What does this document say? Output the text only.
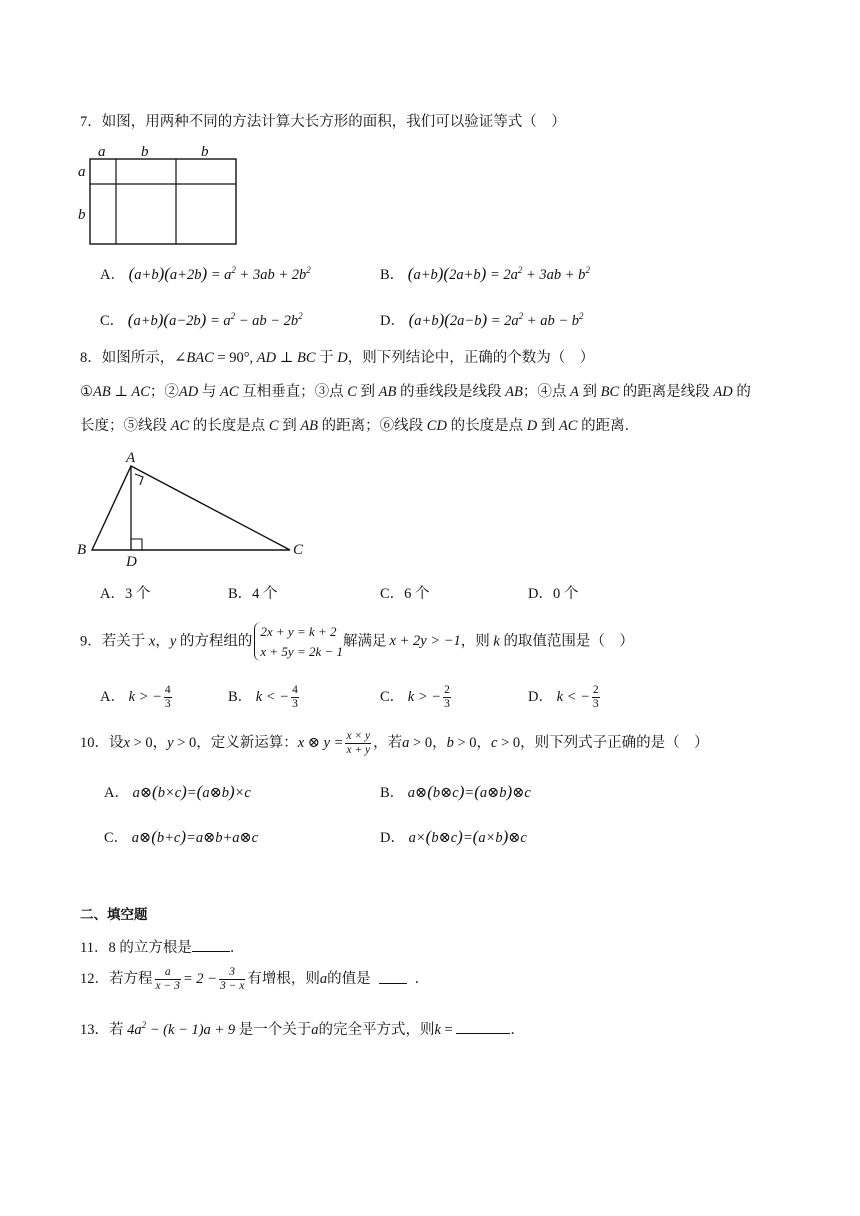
7．如图，用两种不同的方法计算大长方形的面积，我们可以验证等式（　）
a b	b
a
b
A． $(a+b)(a+2b) = a^2 + 3ab + 2b^2$	B． $(a+b)(2a+b) = 2a^2 + 3ab + b^2$
C． $(a+b)(a-2b) = a^2$ − ab − $2b^2$	D． $(a+b)(2a-b) = 2a^2$ + ab − $b^2$
8．如图所示，∠BAC = 90°, AD ⊥ BC 于 D，则下列结论中，正确的个数为（　）
①AB ⊥ AC；②AD 与 AC 互相垂直；③点 C 到 AB 的垂线段是线段 AB；④点 A 到 BC 的距离是线段 AD 的
长度；⑤线段 AC 的长度是点 C 到 AB 的距离；⑥线段 CD 的长度是点 D 到 AC 的距离．
A
B	C
D
A．3 个	B．4 个	C．6 个	D．0 个
9．若关于 x，y 的方程组的
2x + y = k + 2
x + 5y = 2k − 1
解满足 x + 2y > −1，则 k 的取值范围是（　）
A． k > − $\frac{4}{3}$	B． k < − $\frac{4}{3}$	C． k > − $\frac{2}{3}$	D． k < − $\frac{2}{3}$
10．设x > 0，y > 0，定义新运算：x ⊗ $y = \frac{x \times y}{x + y}$ ，若a > 0，b > 0，c > 0，则下列式子正确的是（　）
A． a⊗(b×c)=(a⊗b)×c	B． a⊗(b⊗c)=(a⊗b)⊗c
C． a⊗(b+c)=a⊗b+a⊗c	D． a×(b⊗c)=(a×b)⊗c
二、填空题
11．8 的立方根是	．
12．若方程 $\frac{a}{x - 3} = 2 - \frac{3}{3 - x}$ 有增根，则a的值是	．
13．若 $4a^2 - (k - 1)a + 9$ 是一个关于a的完全平方式，则k =	．
